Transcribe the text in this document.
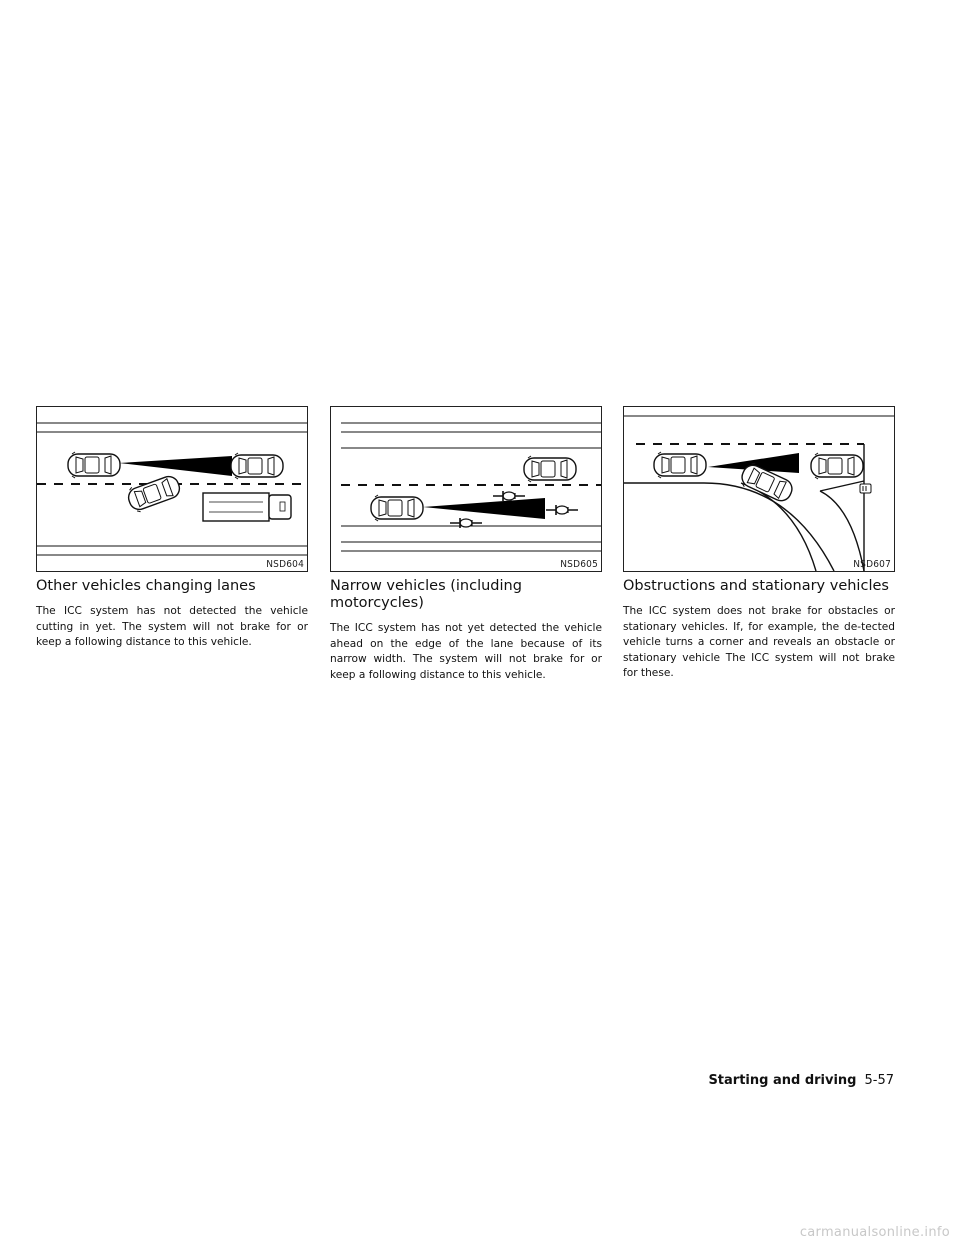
NSD604
Other vehicles changing lanes

The ICC system has not detected the vehicle cutting in yet. The system will not brake for or keep a following distance to this vehicle.

NSD605
Narrow vehicles (including motorcycles)

The ICC system has not yet detected the vehicle ahead on the edge of the lane because of its narrow width. The system will not brake for or keep a following distance to this vehicle.

NSD607
Obstructions and stationary vehicles

The ICC system does not brake for obstacles or stationary vehicles. If, for example, the de-tected vehicle turns a corner and reveals an obstacle or stationary vehicle The ICC system will not brake for these.

Starting and driving 5-57
carmanualsonline.info
